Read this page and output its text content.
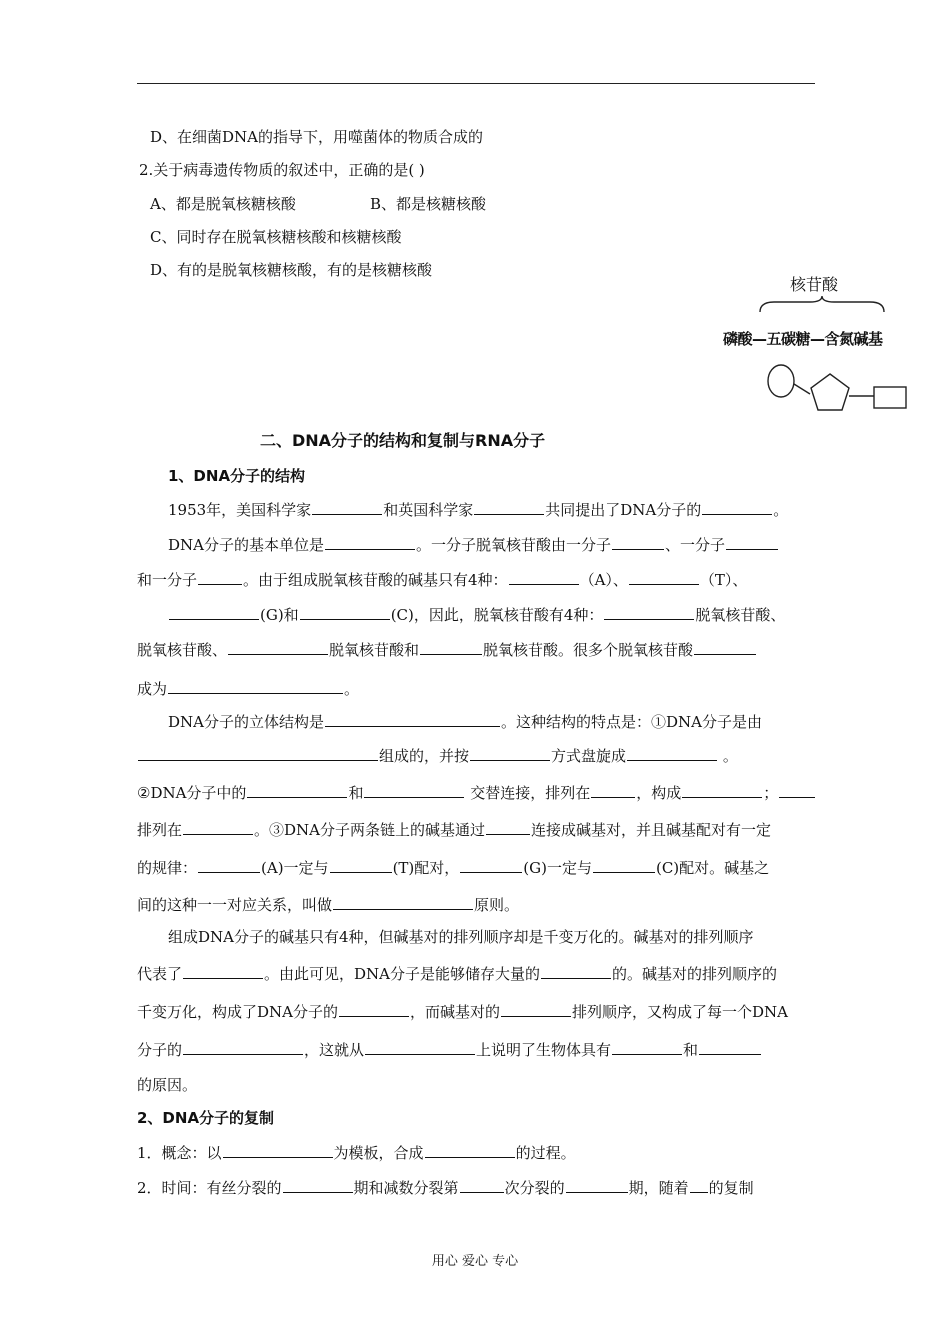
D、在细菌DNA的指导下，用噬菌体的物质合成的
2.关于病毒遗传物质的叙述中，正确的是( )
A、都是脱氧核糖核酸	B、都是核糖核酸
C、同时存在脱氧核糖核酸和核糖核酸
D、有的是脱氧核糖核酸，有的是核糖核酸
核苷酸
磷酸—五碳糖—含氮碱基
二、DNA分子的结构和复制与RNA分子
1、DNA分子的结构
1953年，美国科学家	和英国科学家	共同提出了DNA分子的	。
DNA分子的基本单位是	。一分子脱氧核苷酸由一分子	、一分子
和一分子	。由于组成脱氧核苷酸的碱基只有4种：	（A）、	（T）、
(G)和	(C)，因此，脱氧核苷酸有4种：	脱氧核苷酸、
脱氧核苷酸、	脱氧核苷酸和	脱氧核苷酸。很多个脱氧核苷酸
成为	。
DNA分子的立体结构是	。这种结构的特点是：①DNA分子是由
组成的，并按	方式盘旋成	。
②DNA分子中的	和	交替连接，排列在	，构成	；
排列在	。③DNA分子两条链上的碱基通过	连接成碱基对，并且碱基配对有一定
的规律：	(A)一定与	(T)配对，	(G)一定与	(C)配对。碱基之
间的这种一一对应关系，叫做	原则。
组成DNA分子的碱基只有4种，但碱基对的排列顺序却是千变万化的。碱基对的排列顺序
代表了	。由此可见，DNA分子是能够储存大量的	的。碱基对的排列顺序的
千变万化，构成了DNA分子的	，而碱基对的	排列顺序，又构成了每一个DNA
分子的	，这就从	上说明了生物体具有	和
的原因。
2、DNA分子的复制
1．概念：以	为模板，合成	的过程。
2．时间：有丝分裂的	期和减数分裂第	次分裂的	期，随着 的复制
用心 爱心 专心
